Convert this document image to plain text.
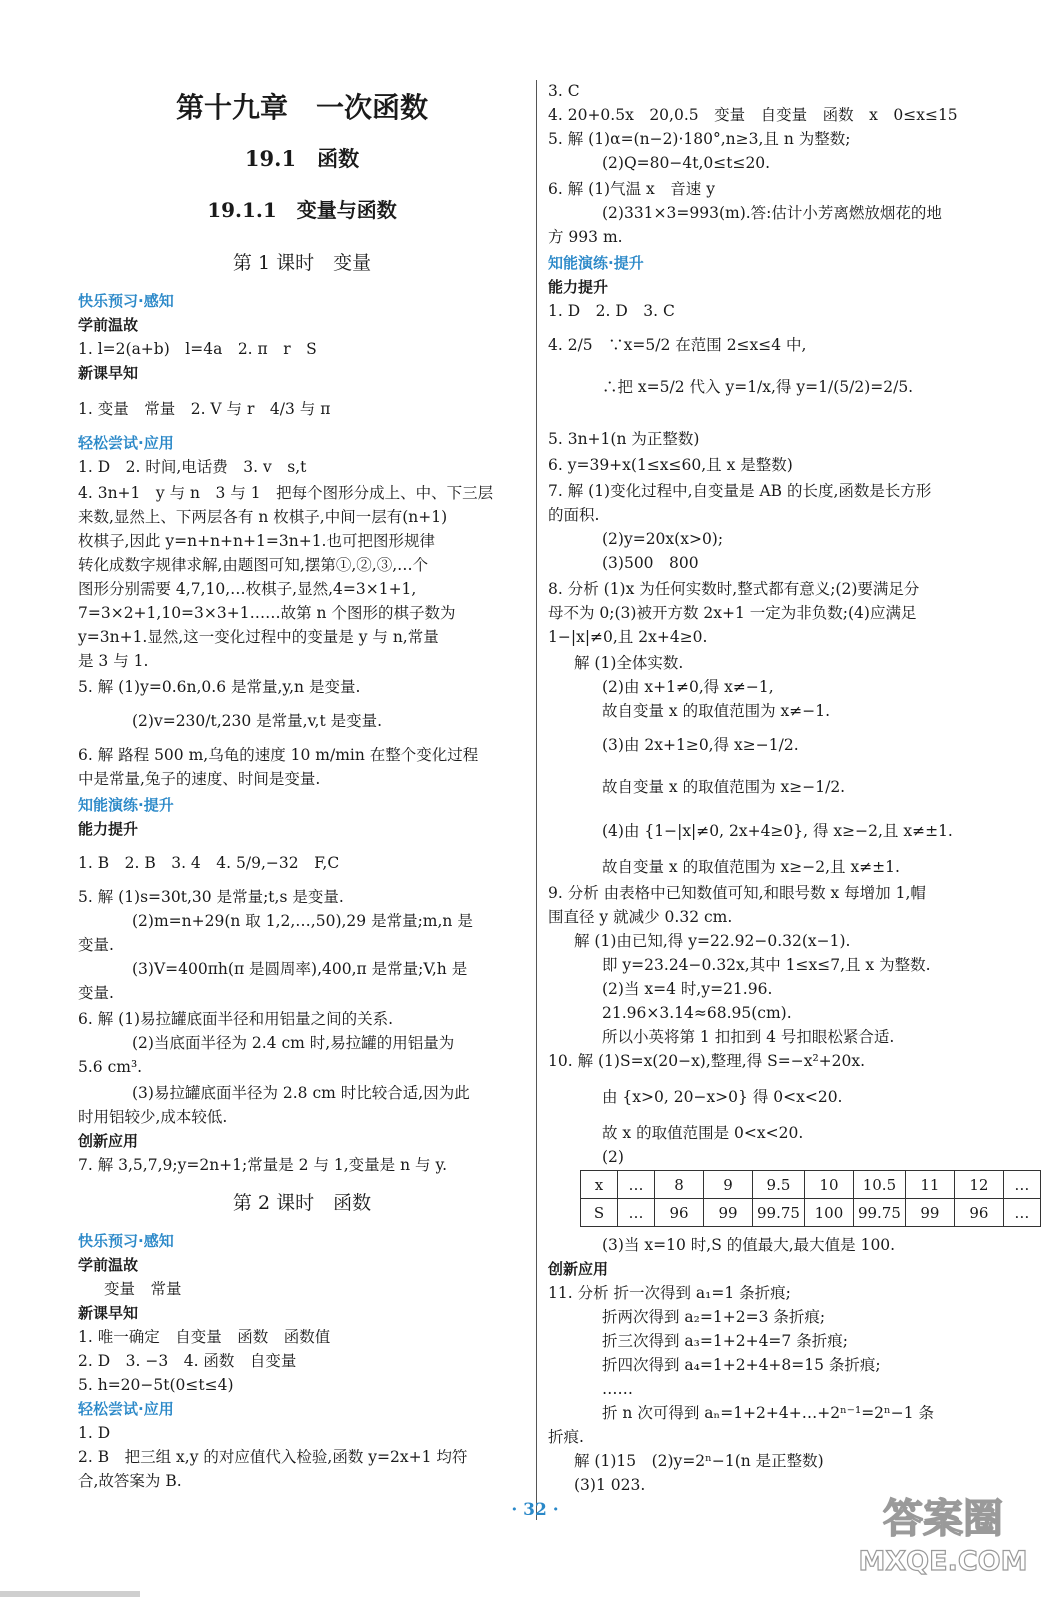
第十九章　一次函数
19.1　函数
19.1.1　变量与函数
第 1 课时　变量
快乐预习·感知
学前温故
1. l=2(a+b)　l=4a　2. π　r　S
新课早知
1. 变量　常量　2. V 与 r　4/3 与 π
轻松尝试·应用
1. D　2. 时间,电话费　3. v　s,t
4. 3n+1　y 与 n　3 与 1　把每个图形分成上、中、下三层
来数,显然上、下两层各有 n 枚棋子,中间一层有(n+1)
枚棋子,因此 y=n+n+n+1=3n+1.也可把图形规律
转化成数字规律求解,由题图可知,摆第①,②,③,…个
图形分别需要 4,7,10,…枚棋子,显然,4=3×1+1,
7=3×2+1,10=3×3+1……故第 n 个图形的棋子数为
y=3n+1.显然,这一变化过程中的变量是 y 与 n,常量
是 3 与 1.
5. 解 (1)y=0.6n,0.6 是常量,y,n 是变量.
(2)v=230/t,230 是常量,v,t 是变量.
6. 解 路程 500 m,乌龟的速度 10 m/min 在整个变化过程
中是常量,兔子的速度、时间是变量.
知能演练·提升
能力提升
1. B　2. B　3. 4　4. 5/9,−32　F,C
5. 解 (1)s=30t,30 是常量;t,s 是变量.
(2)m=n+29(n 取 1,2,…,50),29 是常量;m,n 是
变量.
(3)V=400πh(π 是圆周率),400,π 是常量;V,h 是
变量.
6. 解 (1)易拉罐底面半径和用铝量之间的关系.
(2)当底面半径为 2.4 cm 时,易拉罐的用铝量为
5.6 cm³.
(3)易拉罐底面半径为 2.8 cm 时比较合适,因为此
时用铝较少,成本较低.
创新应用
7. 解 3,5,7,9;y=2n+1;常量是 2 与 1,变量是 n 与 y.
第 2 课时　函数
快乐预习·感知
学前温故
变量　常量
新课早知
1. 唯一确定　自变量　函数　函数值
2. D　3. −3　4. 函数　自变量
5. h=20−5t(0≤t≤4)
轻松尝试·应用
1. D
2. B　把三组 x,y 的对应值代入检验,函数 y=2x+1 均符
合,故答案为 B.
x	…	8	9	9.5	10	10.5	11	12	…
S	…	96	99	99.75	100	99.75	99	96	…
3. C
4. 20+0.5x　20,0.5　变量　自变量　函数　x　0≤x≤15
5. 解 (1)α=(n−2)·180°,n≥3,且 n 为整数;
(2)Q=80−4t,0≤t≤20.
6. 解 (1)气温 x　音速 y
(2)331×3=993(m).答:估计小芳离燃放烟花的地
方 993 m.
知能演练·提升
能力提升
1. D　2. D　3. C
4. 2/5　∵x=5/2 在范围 2≤x≤4 中,
∴把 x=5/2 代入 y=1/x,得 y=1/(5/2)=2/5.
5. 3n+1(n 为正整数)
6. y=39+x(1≤x≤60,且 x 是整数)
7. 解 (1)变化过程中,自变量是 AB 的长度,函数是长方形
的面积.
(2)y=20x(x>0);
(3)500　800
8. 分析 (1)x 为任何实数时,整式都有意义;(2)要满足分
母不为 0;(3)被开方数 2x+1 一定为非负数;(4)应满足
1−|x|≠0,且 2x+4≥0.
解 (1)全体实数.
(2)由 x+1≠0,得 x≠−1,
故自变量 x 的取值范围为 x≠−1.
(3)由 2x+1≥0,得 x≥−1/2.
故自变量 x 的取值范围为 x≥−1/2.
(4)由 {1−|x|≠0, 2x+4≥0}, 得 x≥−2,且 x≠±1.
故自变量 x 的取值范围为 x≥−2,且 x≠±1.
9. 分析 由表格中已知数值可知,和眼号数 x 每增加 1,帽
围直径 y 就减少 0.32 cm.
解 (1)由已知,得 y=22.92−0.32(x−1).
即 y=23.24−0.32x,其中 1≤x≤7,且 x 为整数.
(2)当 x=4 时,y=21.96.
21.96×3.14≈68.95(cm).
所以小英将第 1 扣扣到 4 号扣眼松紧合适.
10. 解 (1)S=x(20−x),整理,得 S=−x²+20x.
由 {x>0, 20−x>0} 得 0<x<20.
故 x 的取值范围是 0<x<20.
(2)
(3)当 x=10 时,S 的值最大,最大值是 100.
创新应用
11. 分析 折一次得到 a₁=1 条折痕;
折两次得到 a₂=1+2=3 条折痕;
折三次得到 a₃=1+2+4=7 条折痕;
折四次得到 a₄=1+2+4+8=15 条折痕;
……
折 n 次可得到 aₙ=1+2+4+…+2ⁿ⁻¹=2ⁿ−1 条
折痕.
解 (1)15　(2)y=2ⁿ−1(n 是正整数)
(3)1 023.
· 32 ·	答案圈
MXQE.COM
